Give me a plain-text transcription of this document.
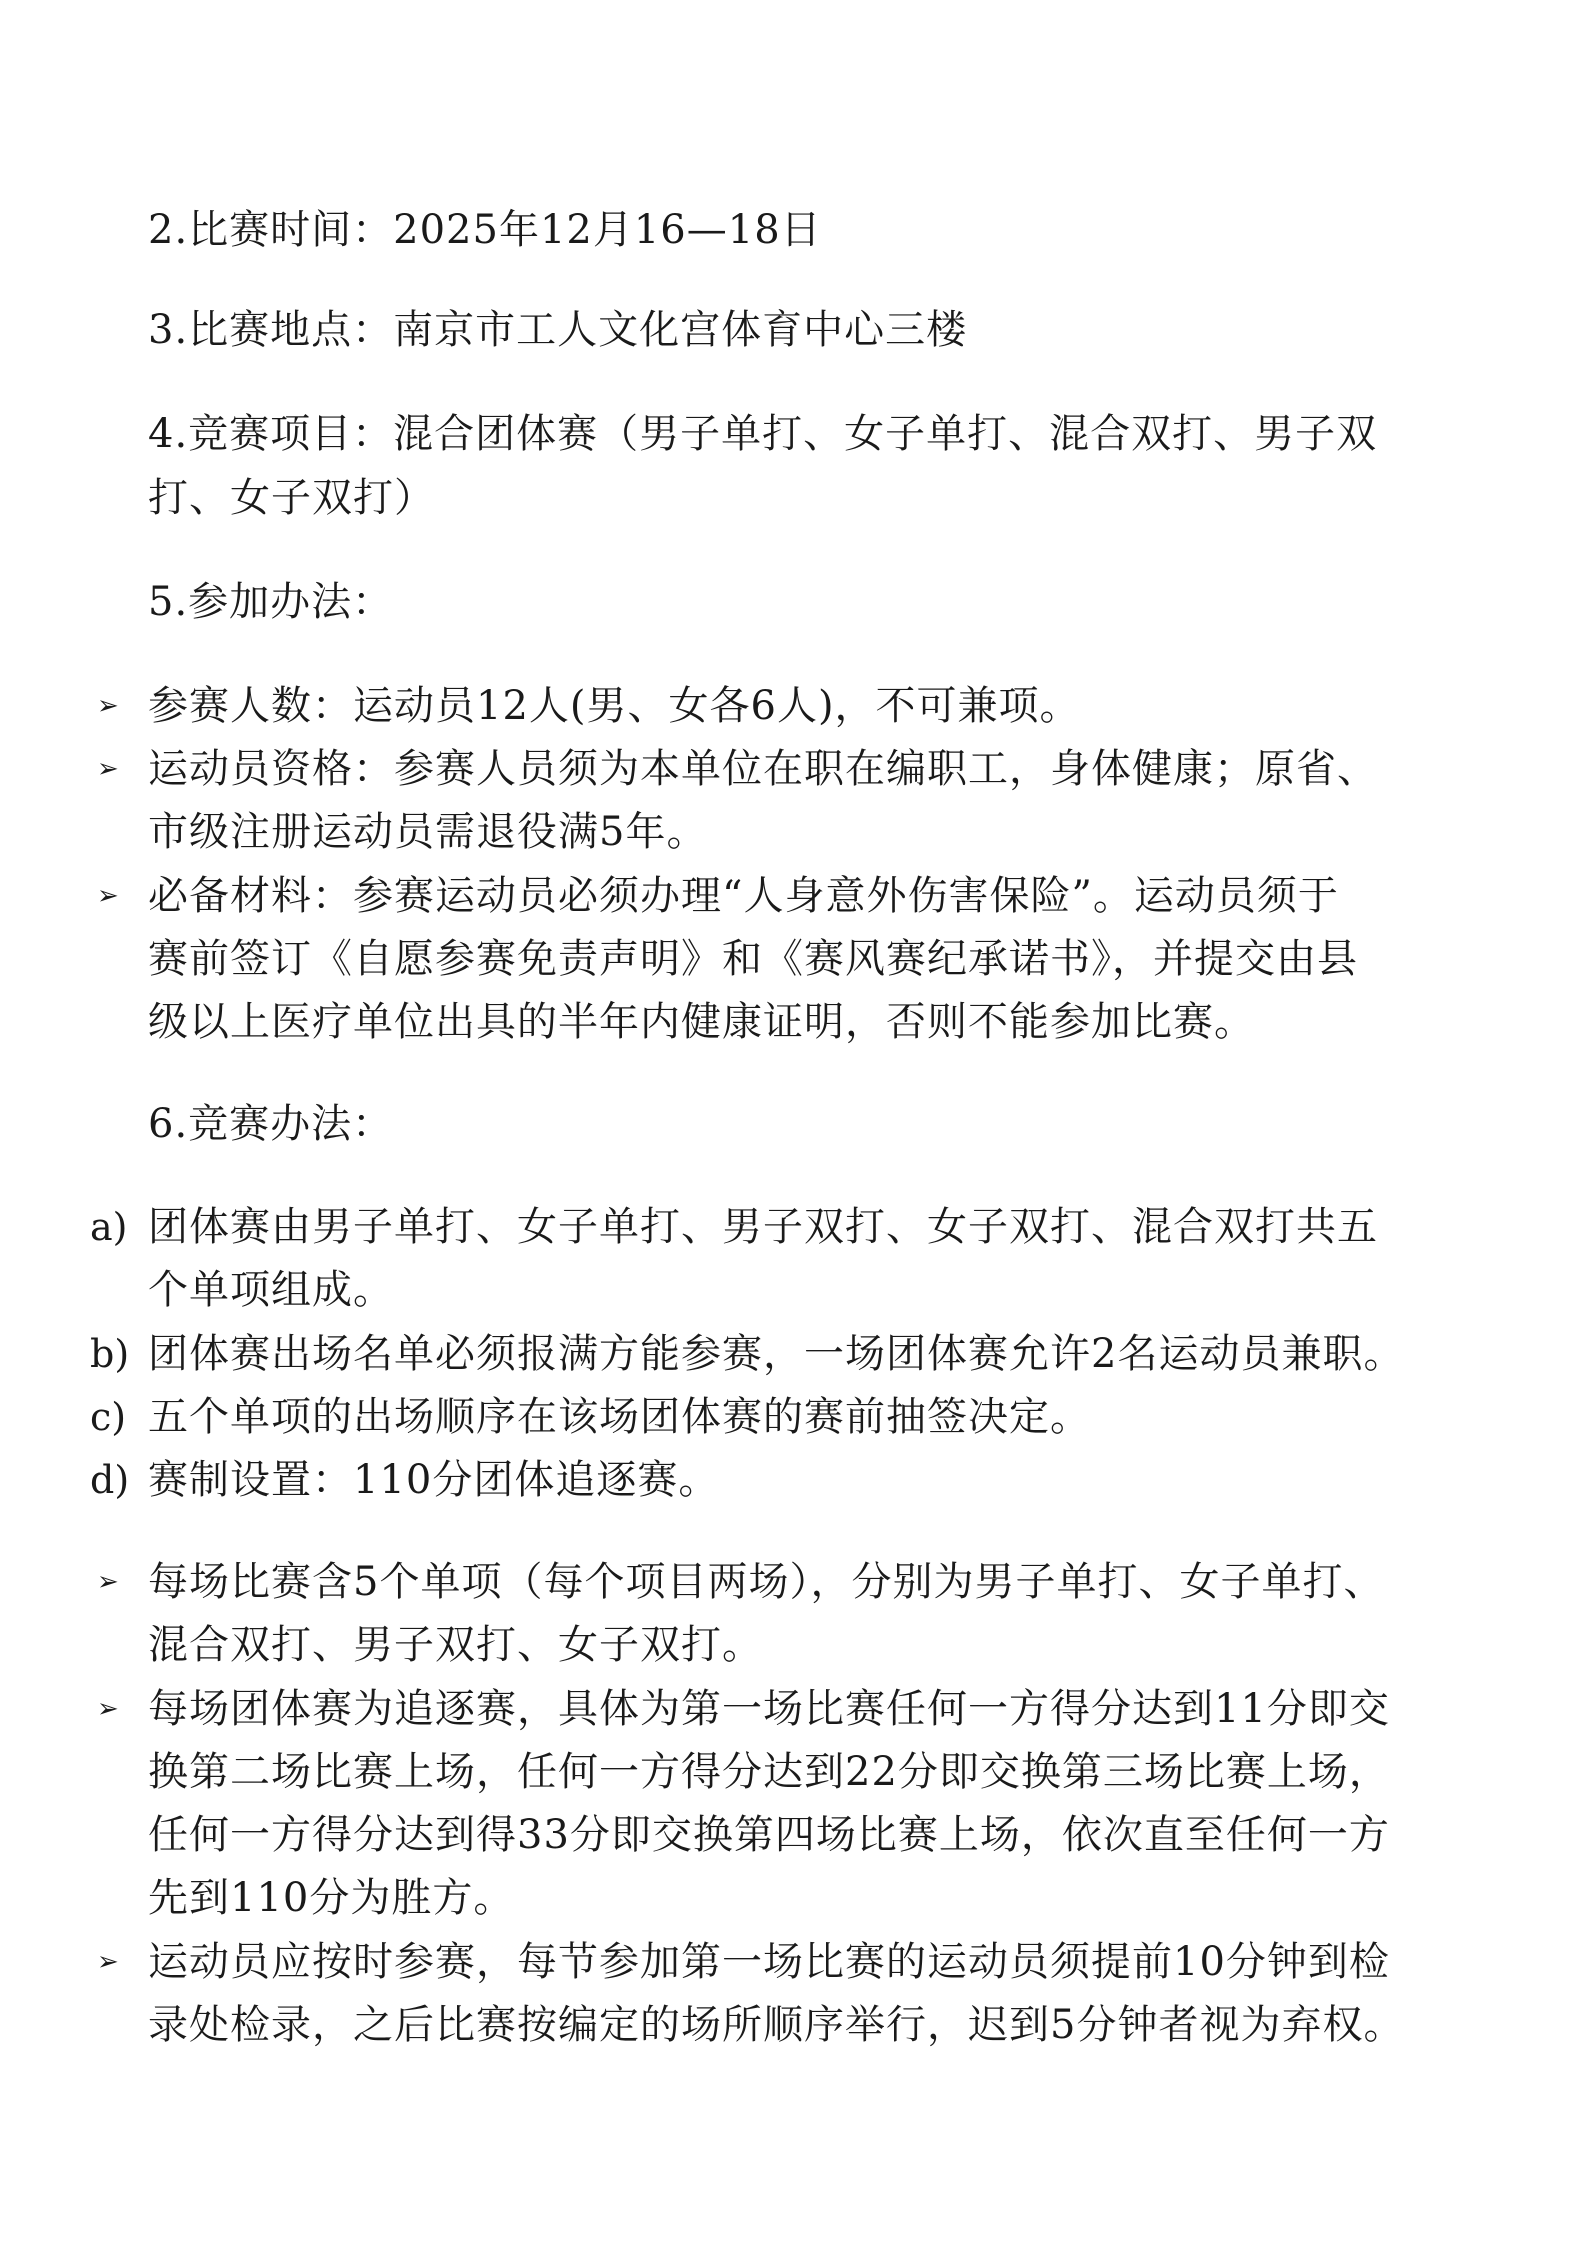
2.比赛时间：2025年12月16—18日
3.比赛地点：南京市工人文化宫体育中心三楼
4.竞赛项目：混合团体赛（男子单打、女子单打、混合双打、男子双
打、女子双打）
5.参加办法：
➢ 参赛人数：运动员12人(男、女各6人)，不可兼项。
➢ 运动员资格：参赛人员须为本单位在职在编职工，身体健康；原省、
市级注册运动员需退役满5年。
➢ 必备材料：参赛运动员必须办理“人身意外伤害保险”。运动员须于
赛前签订《自愿参赛免责声明》和《赛风赛纪承诺书》，并提交由县
级以上医疗单位出具的半年内健康证明，否则不能参加比赛。
6.竞赛办法：
a) 团体赛由男子单打、女子单打、男子双打、女子双打、混合双打共五
个单项组成。
b) 团体赛出场名单必须报满方能参赛，一场团体赛允许2名运动员兼职。
c) 五个单项的出场顺序在该场团体赛的赛前抽签决定。
d) 赛制设置：110分团体追逐赛。
➢ 每场比赛含5个单项（每个项目两场），分别为男子单打、女子单打、
混合双打、男子双打、女子双打。
➢ 每场团体赛为追逐赛，具体为第一场比赛任何一方得分达到11分即交
换第二场比赛上场，任何一方得分达到22分即交换第三场比赛上场，
任何一方得分达到得33分即交换第四场比赛上场，依次直至任何一方
先到110分为胜方。
➢ 运动员应按时参赛，每节参加第一场比赛的运动员须提前10分钟到检
录处检录，之后比赛按编定的场所顺序举行，迟到5分钟者视为弃权。
